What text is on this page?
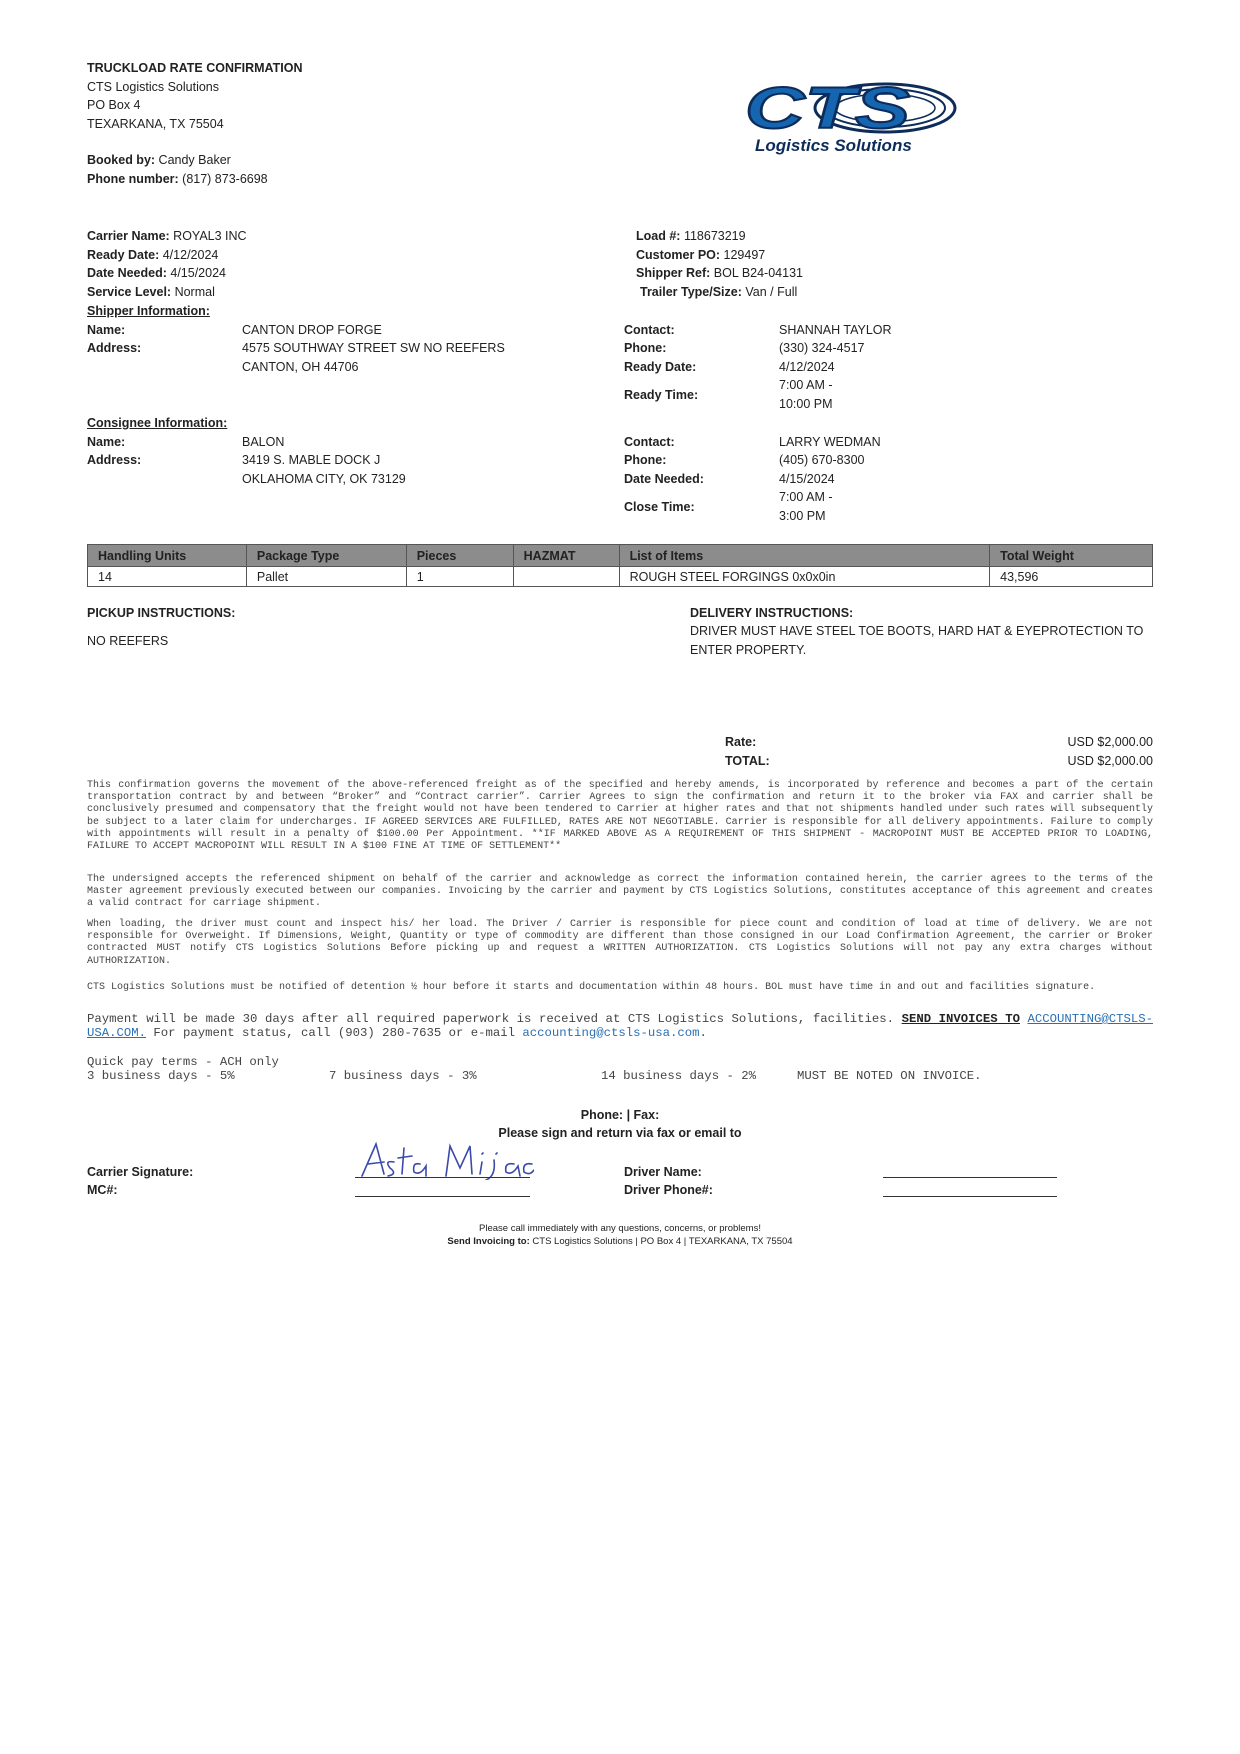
TRUCKLOAD RATE CONFIRMATION
CTS Logistics Solutions
PO Box 4
TEXARKANA, TX 75504
Booked by: Candy Baker
Phone number: (817) 873-6698
CTS
Logistics Solutions
Carrier Name: ROYAL3 INC
Ready Date: 4/12/2024
Date Needed: 4/15/2024
Service Level: Normal
Load #: 118673219
Customer PO: 129497
Shipper Ref: BOL B24-04131
Trailer Type/Size: Van / Full
Shipper Information:
Name:	CANTON DROP FORGE
Address:	4575 SOUTHWAY STREET SW NO REEFERS
CANTON, OH 44706
Contact:	SHANNAH TAYLOR
Phone:	(330) 324-4517
Ready Date:	4/12/2024
Ready Time:
7:00 AM -
10:00 PM
Consignee Information:
Name:	BALON
Address:	3419 S. MABLE DOCK J
OKLAHOMA CITY, OK 73129
Contact:	LARRY WEDMAN
Phone:	(405) 670-8300
Date Needed:	4/15/2024
Close Time:
7:00 AM -
3:00 PM
Handling Units	Package Type	Pieces	HAZMAT	List of Items	Total Weight
14	Pallet	1		ROUGH STEEL FORGINGS 0x0x0in	43,596
PICKUP INSTRUCTIONS:
NO REEFERS
DELIVERY INSTRUCTIONS:
DRIVER MUST HAVE STEEL TOE BOOTS, HARD HAT & EYEPROTECTION TO ENTER PROPERTY.
Rate:	USD $2,000.00
TOTAL:	USD $2,000.00
This confirmation governs the movement of the above-referenced freight as of the specified and hereby amends, is incorporated by reference and becomes a part of the certain transportation contract by and between “Broker” and “Contract carrier”. Carrier Agrees to sign the confirmation and return it to the broker via FAX and carrier shall be conclusively presumed and compensatory that the freight would not have been tendered to Carrier at higher rates and that not shipments handled under such rates will subsequently be subject to a later claim for undercharges. IF AGREED SERVICES ARE FULFILLED, RATES ARE NOT NEGOTIABLE. Carrier is responsible for all delivery appointments. Failure to comply with appointments will result in a penalty of $100.00 Per Appointment. **IF MARKED ABOVE AS A REQUIREMENT OF THIS SHIPMENT - MACROPOINT MUST BE ACCEPTED PRIOR TO LOADING, FAILURE TO ACCEPT MACROPOINT WILL RESULT IN A $100 FINE AT TIME OF SETTLEMENT**
The undersigned accepts the referenced shipment on behalf of the carrier and acknowledge as correct the information contained herein, the carrier agrees to the terms of the Master agreement previously executed between our companies. Invoicing by the carrier and payment by CTS Logistics Solutions, constitutes acceptance of this agreement and creates a valid contract for carriage shipment.
When loading, the driver must count and inspect his/ her load. The Driver / Carrier is responsible for piece count and condition of load at time of delivery. We are not responsible for Overweight. If Dimensions, Weight, Quantity or type of commodity are different than those consigned in our Load Confirmation Agreement, the carrier or Broker contracted MUST notify CTS Logistics Solutions Before picking up and request a WRITTEN AUTHORIZATION. CTS Logistics Solutions will not pay any extra charges without AUTHORIZATION.
CTS Logistics Solutions must be notified of detention ½ hour before it starts and documentation within 48 hours. BOL must have time in and out and facilities signature.
Payment will be made 30 days after all required paperwork is received at CTS Logistics Solutions, facilities. SEND INVOICES TO ACCOUNTING@CTSLS-USA.COM. For payment status, call (903) 280-7635 or e-mail accounting@ctsls-usa.com.
Quick pay terms - ACH only
3 business days - 5%	7 business days - 3%	14 business days - 2%	MUST BE NOTED ON INVOICE.
Phone: | Fax:
Please sign and return via fax or email to
Carrier Signature:
MC#:
Driver Name:
Driver Phone#:
Please call immediately with any questions, concerns, or problems!
Send Invoicing to: CTS Logistics Solutions | PO Box 4 | TEXARKANA, TX 75504
